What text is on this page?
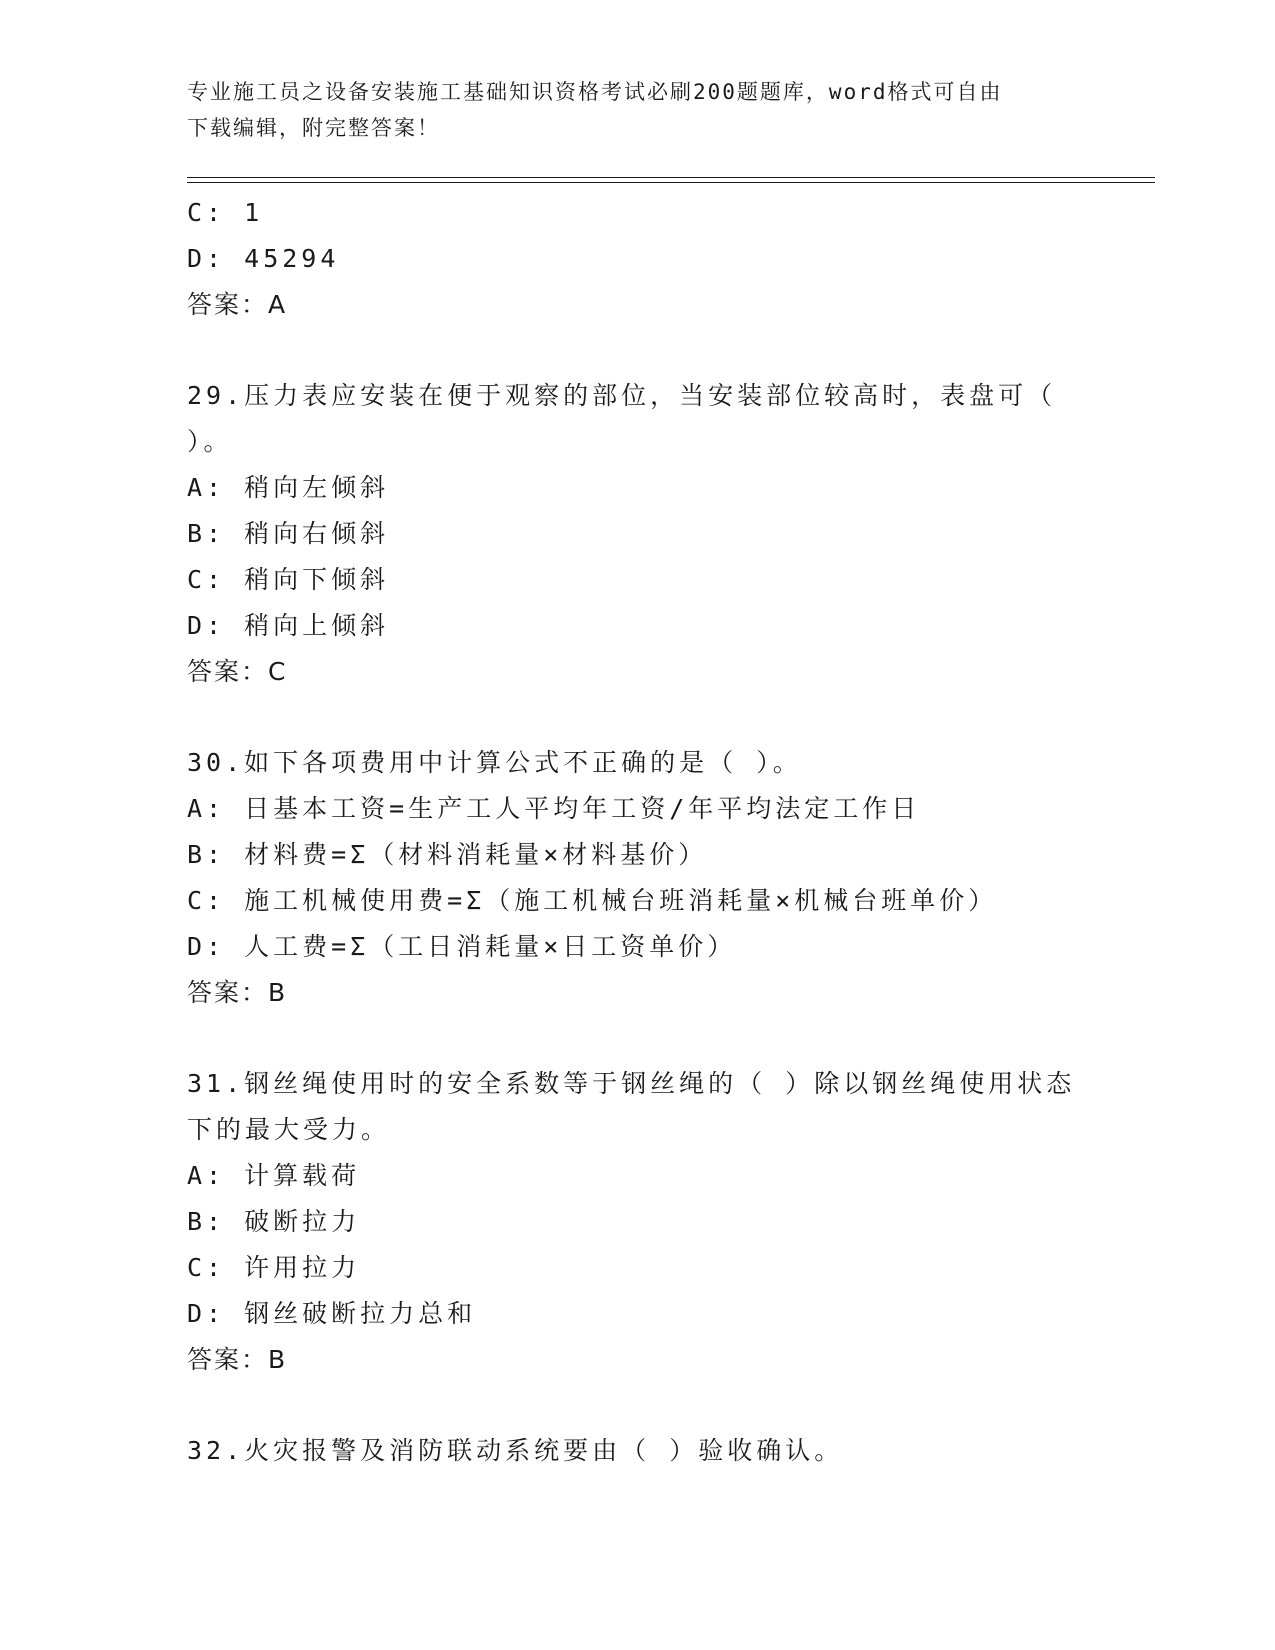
专业施工员之设备安装施工基础知识资格考试必刷200题题库，word格式可自由
下载编辑，附完整答案！
C: 1
D: 45294
答案：A
29.压力表应安装在便于观察的部位，当安装部位较高时，表盘可（
）。
A: 稍向左倾斜
B: 稍向右倾斜
C: 稍向下倾斜
D: 稍向上倾斜
答案：C
30.如下各项费用中计算公式不正确的是（ ）。
A: 日基本工资=生产工人平均年工资/年平均法定工作日
B: 材料费=Σ（材料消耗量×材料基价）
C: 施工机械使用费=Σ（施工机械台班消耗量×机械台班单价）
D: 人工费=Σ（工日消耗量×日工资单价）
答案：B
31.钢丝绳使用时的安全系数等于钢丝绳的（ ）除以钢丝绳使用状态
下的最大受力。
A: 计算载荷
B: 破断拉力
C: 许用拉力
D: 钢丝破断拉力总和
答案：B
32.火灾报警及消防联动系统要由（ ）验收确认。
